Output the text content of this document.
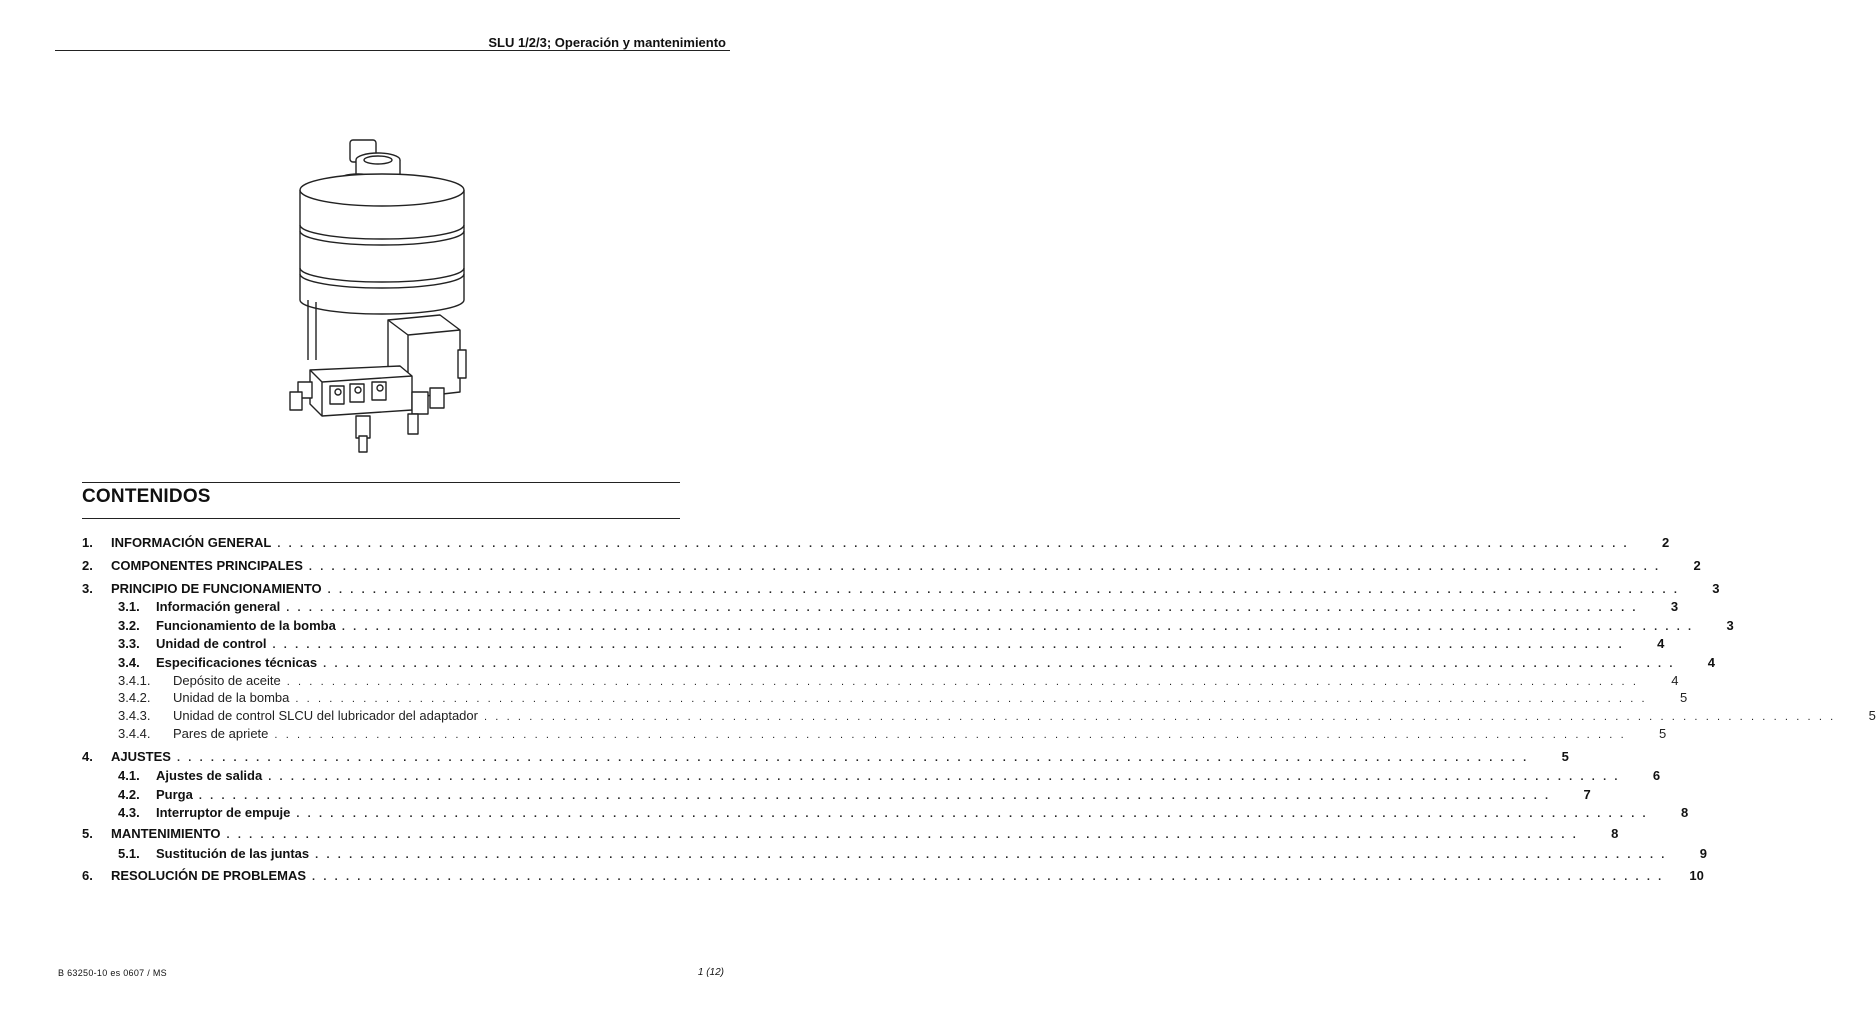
SLU 1/2/3; Operación y mantenimiento
CONTENIDOS
1.	INFORMACIÓN GENERAL . . . . . . . . . . . . . . . . . . . . . . . . . . . . . . . . . . . . . . . . . . . . . . . . . . . . . . . . . . . . . . . . . . . . . . . . . . . . . . . . . . . . . . . . . . . . . . . . . . . . . . . . . . . . . . . . . . . . . . . .	2
2.	COMPONENTES PRINCIPALES . . . . . . . . . . . . . . . . . . . . . . . . . . . . . . . . . . . . . . . . . . . . . . . . . . . . . . . . . . . . . . . . . . . . . . . . . . . . . . . . . . . . . . . . . . . . . . . . . . . . . . . . . . . . . . . . . . . . . . . .	2
3.	PRINCIPIO DE FUNCIONAMIENTO . . . . . . . . . . . . . . . . . . . . . . . . . . . . . . . . . . . . . . . . . . . . . . . . . . . . . . . . . . . . . . . . . . . . . . . . . . . . . . . . . . . . . . . . . . . . . . . . . . . . . . . . . . . . . . . . . . . . . . . .	3
3.1.	Información general . . . . . . . . . . . . . . . . . . . . . . . . . . . . . . . . . . . . . . . . . . . . . . . . . . . . . . . . . . . . . . . . . . . . . . . . . . . . . . . . . . . . . . . . . . . . . . . . . . . . . . . . . . . . . . . . . . . . . . . .	3
3.2.	Funcionamiento de la bomba . . . . . . . . . . . . . . . . . . . . . . . . . . . . . . . . . . . . . . . . . . . . . . . . . . . . . . . . . . . . . . . . . . . . . . . . . . . . . . . . . . . . . . . . . . . . . . . . . . . . . . . . . . . . . . . . . . . . . . . .	3
3.3.	Unidad de control . . . . . . . . . . . . . . . . . . . . . . . . . . . . . . . . . . . . . . . . . . . . . . . . . . . . . . . . . . . . . . . . . . . . . . . . . . . . . . . . . . . . . . . . . . . . . . . . . . . . . . . . . . . . . . . . . . . . . . . .	4
3.4.	Especificaciones técnicas . . . . . . . . . . . . . . . . . . . . . . . . . . . . . . . . . . . . . . . . . . . . . . . . . . . . . . . . . . . . . . . . . . . . . . . . . . . . . . . . . . . . . . . . . . . . . . . . . . . . . . . . . . . . . . . . . . . . . . . .	4
3.4.1.	Depósito de aceite . . . . . . . . . . . . . . . . . . . . . . . . . . . . . . . . . . . . . . . . . . . . . . . . . . . . . . . . . . . . . . . . . . . . . . . . . . . . . . . . . . . . . . . . . . . . . . . . . . . . . . . . . . . . . . . . . . . . . . . .	4
3.4.2.	Unidad de la bomba . . . . . . . . . . . . . . . . . . . . . . . . . . . . . . . . . . . . . . . . . . . . . . . . . . . . . . . . . . . . . . . . . . . . . . . . . . . . . . . . . . . . . . . . . . . . . . . . . . . . . . . . . . . . . . . . . . . . . . . .	5
3.4.3.	Unidad de control SLCU del lubricador del adaptador . . . . . . . . . . . . . . . . . . . . . . . . . . . . . . . . . . . . . . . . . . . . . . . . . . . . . . . . . . . . . . . . . . . . . . . . . . . . . . . . . . . . . . . . . . . . . . . . . . . . . . . . . . . . . . . . . . . . . . . .	5
3.4.4.	Pares de apriete . . . . . . . . . . . . . . . . . . . . . . . . . . . . . . . . . . . . . . . . . . . . . . . . . . . . . . . . . . . . . . . . . . . . . . . . . . . . . . . . . . . . . . . . . . . . . . . . . . . . . . . . . . . . . . . . . . . . . . . .	5
4.	AJUSTES . . . . . . . . . . . . . . . . . . . . . . . . . . . . . . . . . . . . . . . . . . . . . . . . . . . . . . . . . . . . . . . . . . . . . . . . . . . . . . . . . . . . . . . . . . . . . . . . . . . . . . . . . . . . . . . . . . . . . . . .	5
4.1.	Ajustes de salida . . . . . . . . . . . . . . . . . . . . . . . . . . . . . . . . . . . . . . . . . . . . . . . . . . . . . . . . . . . . . . . . . . . . . . . . . . . . . . . . . . . . . . . . . . . . . . . . . . . . . . . . . . . . . . . . . . . . . . . .	6
4.2.	Purga . . . . . . . . . . . . . . . . . . . . . . . . . . . . . . . . . . . . . . . . . . . . . . . . . . . . . . . . . . . . . . . . . . . . . . . . . . . . . . . . . . . . . . . . . . . . . . . . . . . . . . . . . . . . . . . . . . . . . . . .	7
4.3.	Interruptor de empuje . . . . . . . . . . . . . . . . . . . . . . . . . . . . . . . . . . . . . . . . . . . . . . . . . . . . . . . . . . . . . . . . . . . . . . . . . . . . . . . . . . . . . . . . . . . . . . . . . . . . . . . . . . . . . . . . . . . . . . . .	8
5.	MANTENIMIENTO . . . . . . . . . . . . . . . . . . . . . . . . . . . . . . . . . . . . . . . . . . . . . . . . . . . . . . . . . . . . . . . . . . . . . . . . . . . . . . . . . . . . . . . . . . . . . . . . . . . . . . . . . . . . . . . . . . . . . . . .	8
5.1.	Sustitución de las juntas . . . . . . . . . . . . . . . . . . . . . . . . . . . . . . . . . . . . . . . . . . . . . . . . . . . . . . . . . . . . . . . . . . . . . . . . . . . . . . . . . . . . . . . . . . . . . . . . . . . . . . . . . . . . . . . . . . . . . . . .	9
6.	RESOLUCIÓN DE PROBLEMAS . . . . . . . . . . . . . . . . . . . . . . . . . . . . . . . . . . . . . . . . . . . . . . . . . . . . . . . . . . . . . . . . . . . . . . . . . . . . . . . . . . . . . . . . . . . . . . . . . . . . . . . . . . . . . . . . . . . . . . . .	10
B 63250-10 es 0607 / MS	1 (12)
